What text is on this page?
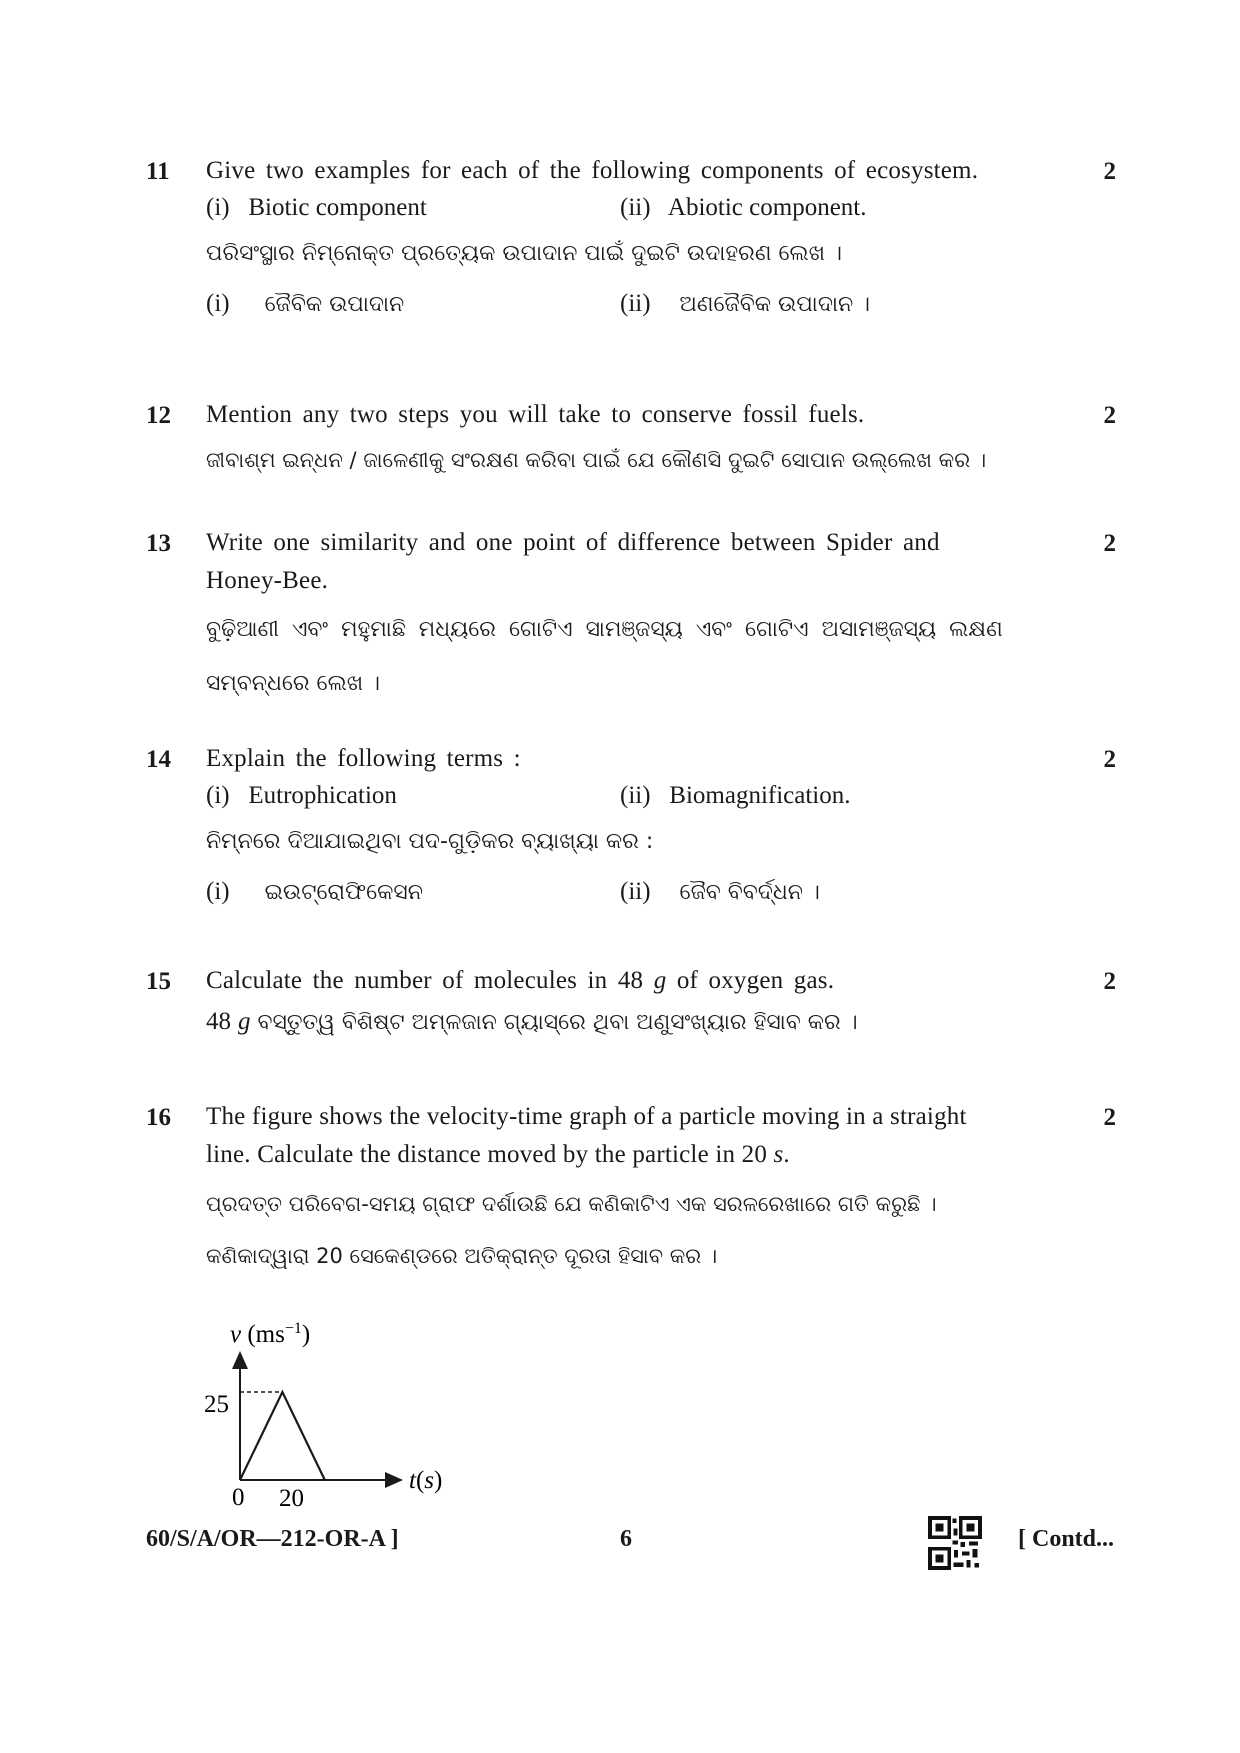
11	2
Give two examples for each of the following components of ecosystem.
(i)   Biotic component	(ii)   Abiotic component.
ପରିସଂସ୍ଥାର ନିମ୍ନୋକ୍ତ ପ୍ରତ୍ୟେକ ଉପାଦାନ ପାଇଁ ଦୁଇଟି ଉଦାହରଣ ଲେଖ ।
(i) ଜୈବିକ ଉପାଦାନ	(ii) ଅଣଜୈବିକ ଉପାଦାନ ।
12	2
Mention any two steps you will take to conserve fossil fuels.
ଜୀବାଶ୍ମ ଇନ୍ଧନ / ଜାଳେଣୀକୁ ସଂରକ୍ଷଣ କରିବା ପାଇଁ ଯେ କୌଣସି ଦୁଇଟି ସୋପାନ ଉଲ୍ଲେଖ କର ।
13	2
Write one similarity and one point of difference between Spider and
Honey-Bee.
ବୁଢ଼ିଆଣୀ ଏବଂ ମହୁମାଛି ମଧ୍ୟରେ ଗୋଟିଏ ସାମଞ୍ଜସ୍ୟ ଏବଂ ଗୋଟିଏ ଅସାମଞ୍ଜସ୍ୟ ଲକ୍ଷଣ
ସମ୍ବନ୍ଧରେ ଲେଖ ।
14	2
Explain the following terms :
(i)   Eutrophication	(ii)   Biomagnification.
ନିମ୍ନରେ ଦିଆଯାଇଥିବା ପଦ-ଗୁଡ଼ିକର ବ୍ୟାଖ୍ୟା କର :
(i) ଇଉଟ୍ରୋଫିକେସନ	(ii) ଜୈବ ବିବର୍ଦ୍ଧନ ।
15	2
Calculate the number of molecules in 48 g of oxygen gas.
48 g ବସ୍ତୁତ୍ୱ ବିଶିଷ୍ଟ ଅମ୍ଳଜାନ ଗ୍ୟାସ୍‌ରେ ଥିବା ଅଣୁସଂଖ୍ୟାର ହିସାବ କର ।
16	2
The figure shows the velocity-time graph of a particle moving in a straight
line. Calculate the distance moved by the particle in 20 s.
ପ୍ରଦତ୍ତ ପରିବେଗ-ସମୟ ଗ୍ରାଫ ଦର୍ଶାଉଛି ଯେ କଣିକାଟିଏ ଏକ ସରଳରେଖାରେ ଗତି କରୁଛି ।
କଣିକାଦ୍ୱାରା 20 ସେକେଣ୍ଡରେ ଅତିକ୍ରାନ୍ତ ଦୂରତା ହିସାବ କର ।
v $(ms^{-1})$
25
0 20
t(s)
60/S/A/OR—212-OR-A ]	6	[ Contd...
